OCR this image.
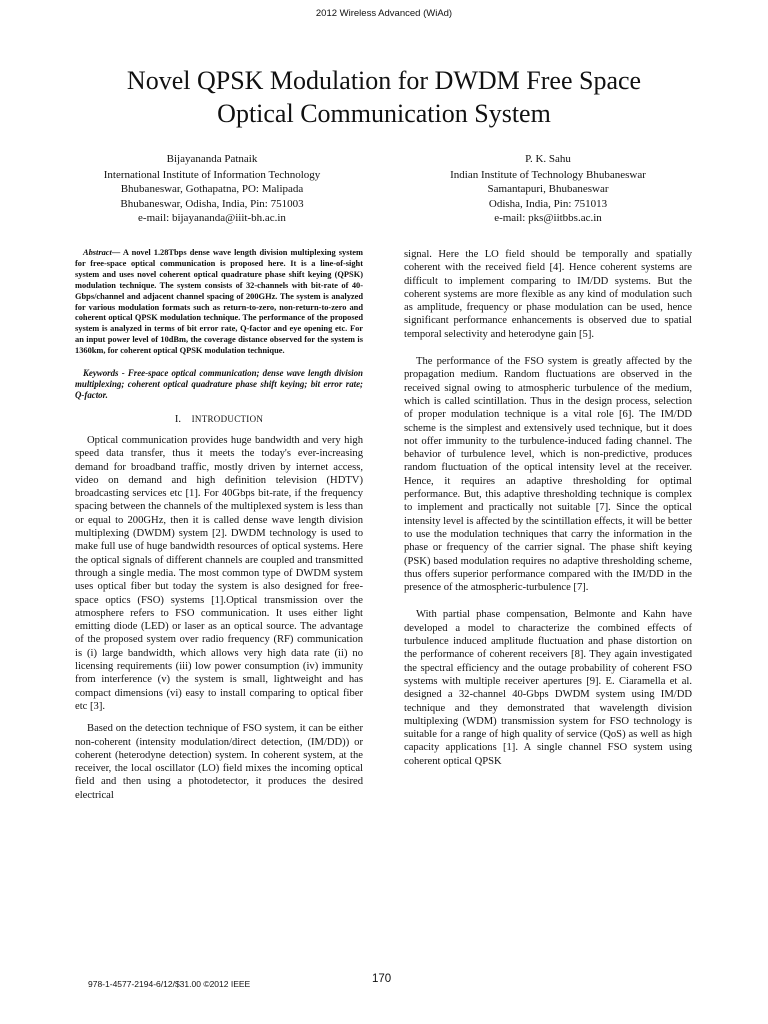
2012 Wireless Advanced (WiAd)
Novel QPSK Modulation for DWDM Free Space
Optical Communication System
Bijayananda Patnaik
International Institute of Information Technology
Bhubaneswar, Gothapatna, PO: Malipada
Bhubaneswar, Odisha, India, Pin: 751003
e-mail: bijayananda@iiit-bh.ac.in
P. K. Sahu
Indian Institute of Technology Bhubaneswar
Samantapuri, Bhubaneswar
Odisha, India, Pin: 751013
e-mail: pks@iitbbs.ac.in

Abstract— A novel 1.28Tbps dense wave length division multiplexing system for free-space optical communication is proposed here. It is a line-of-sight system and uses novel coherent optical quadrature phase shift keying (QPSK) modulation technique. The system consists of 32-channels with bit-rate of 40-Gbps/channel and adjacent channel spacing of 200GHz. The system is analyzed for various modulation formats such as return-to-zero, non-return-to-zero and coherent optical QPSK modulation technique. The performance of the proposed system is analyzed in terms of bit error rate, Q-factor and eye opening etc. For an input power level of 10dBm, the coverage distance observed for the system is 1360km, for coherent optical QPSK modulation technique.

Keywords - Free-space optical communication; dense wave length division multiplexing; coherent optical quadrature phase shift keying; bit error rate; Q-factor.

I. INTRODUCTION

Optical communication provides huge bandwidth and very high speed data transfer, thus it meets the today's ever-increasing demand for broadband traffic, mostly driven by internet access, video on demand and high definition television (HDTV) broadcasting services etc [1]. For 40Gbps bit-rate, if the frequency spacing between the channels of the multiplexed system is less than or equal to 200GHz, then it is called dense wave length division multiplexing (DWDM) system [2]. DWDM technology is used to make full use of huge bandwidth resources of optical systems. Here the optical signals of different channels are coupled and transmitted through a single media. The most common type of DWDM system uses optical fiber but today the system is also designed for free-space optics (FSO) systems [1].Optical transmission over the atmosphere refers to FSO communication. It uses either light emitting diode (LED) or laser as an optical source. The advantage of the proposed system over radio frequency (RF) communication is (i) large bandwidth, which allows very high data rate (ii) no licensing requirements (iii) low power consumption (iv) immunity from interference (v) the system is small, lightweight and has compact dimensions (vi) easy to install comparing to optical fiber etc [3].

Based on the detection technique of FSO system, it can be either non-coherent (intensity modulation/direct detection, (IM/DD)) or coherent (heterodyne detection) system. In coherent system, at the receiver, the local oscillator (LO) field mixes the incoming optical field and then using a photodetector, it produces the desired electrical

signal. Here the LO field should be temporally and spatially coherent with the received field [4]. Hence coherent systems are difficult to implement comparing to IM/DD systems. But the coherent systems are more flexible as any kind of modulation such as amplitude, frequency or phase modulation can be used, hence significant performance enhancements is observed due to spatial temporal selectivity and heterodyne gain [5].

The performance of the FSO system is greatly affected by the propagation medium. Random fluctuations are observed in the received signal owing to atmospheric turbulence of the medium, which is called scintillation. Thus in the design process, selection of proper modulation technique is a vital role [6]. The IM/DD scheme is the simplest and extensively used technique, but it does not offer immunity to the turbulence-induced fading channel. The behavior of turbulence level, which is non-predictive, produces random fluctuation of the optical intensity level at the receiver. Hence, it requires an adaptive thresholding for optimal performance. But, this adaptive thresholding technique is complex to implement and practically not suitable [7]. Since the optical intensity level is affected by the scintillation effects, it will be better to use the modulation techniques that carry the information in the phase or frequency of the carrier signal. The phase shift keying (PSK) based modulation requires no adaptive thresholding scheme, thus offers superior performance compared with the IM/DD in the presence of the atmospheric-turbulence [7].

With partial phase compensation, Belmonte and Kahn have developed a model to characterize the combined effects of turbulence induced amplitude fluctuation and phase distortion on the performance of coherent receivers [8]. They again investigated the spectral efficiency and the outage probability of coherent FSO systems with multiple receiver apertures [9]. E. Ciaramella et al. designed a 32-channel 40-Gbps DWDM system using IM/DD technique and they demonstrated that wavelength division multiplexing (WDM) transmission system for FSO technology is suitable for a range of high quality of service (QoS) as well as high capacity applications [1]. A single channel FSO system using coherent optical QPSK

978-1-4577-2194-6/12/$31.00 ©2012 IEEE	170
